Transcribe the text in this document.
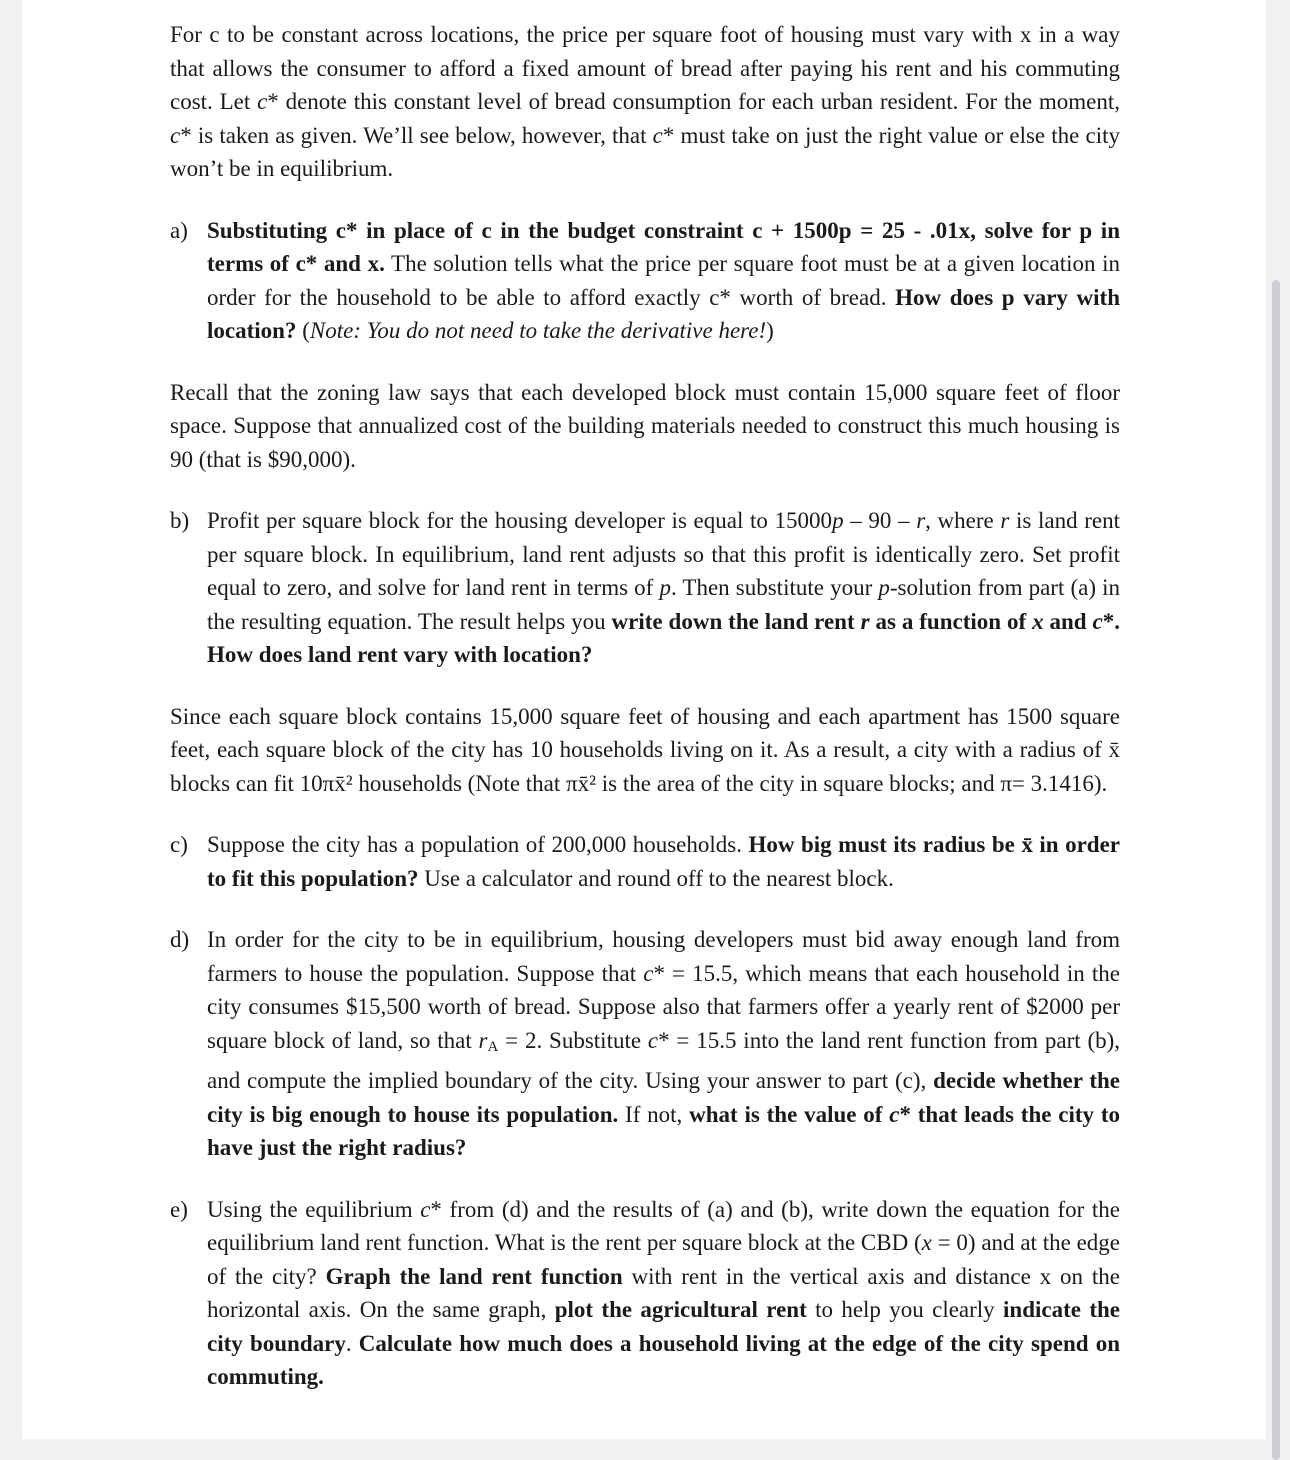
For c to be constant across locations, the price per square foot of housing must vary with x in a way that allows the consumer to afford a fixed amount of bread after paying his rent and his commuting cost. Let c* denote this constant level of bread consumption for each urban resident. For the moment, c* is taken as given. We’ll see below, however, that c* must take on just the right value or else the city won’t be in equilibrium.

a) Substituting c* in place of c in the budget constraint c + 1500p = 25 - .01x, solve for p in terms of c* and x. The solution tells what the price per square foot must be at a given location in order for the household to be able to afford exactly c* worth of bread. How does p vary with location? (Note: You do not need to take the derivative here!)

Recall that the zoning law says that each developed block must contain 15,000 square feet of floor space. Suppose that annualized cost of the building materials needed to construct this much housing is 90 (that is $90,000).

b) Profit per square block for the housing developer is equal to 15000p – 90 – r, where r is land rent per square block. In equilibrium, land rent adjusts so that this profit is identically zero. Set profit equal to zero, and solve for land rent in terms of p. Then substitute your p-solution from part (a) in the resulting equation. The result helps you write down the land rent r as a function of x and c*. How does land rent vary with location?

Since each square block contains 15,000 square feet of housing and each apartment has 1500 square feet, each square block of the city has 10 households living on it. As a result, a city with a radius of x̄ blocks can fit 10πx̄² households (Note that πx̄² is the area of the city in square blocks; and π= 3.1416).

c) Suppose the city has a population of 200,000 households. How big must its radius be x̄ in order to fit this population? Use a calculator and round off to the nearest block.
d) In order for the city to be in equilibrium, housing developers must bid away enough land from farmers to house the population. Suppose that c* = 15.5, which means that each household in the city consumes $15,500 worth of bread. Suppose also that farmers offer a yearly rent of $2000 per square block of land, so that $r_A = 2$. Substitute c* = 15.5 into the land rent function from part (b), and compute the implied boundary of the city. Using your answer to part (c), decide whether the city is big enough to house its population. If not, what is the value of c* that leads the city to have just the right radius?
e) Using the equilibrium c* from (d) and the results of (a) and (b), write down the equation for the equilibrium land rent function. What is the rent per square block at the CBD (x = 0) and at the edge of the city? Graph the land rent function with rent in the vertical axis and distance x on the horizontal axis. On the same graph, plot the agricultural rent to help you clearly indicate the city boundary. Calculate how much does a household living at the edge of the city spend on commuting.
